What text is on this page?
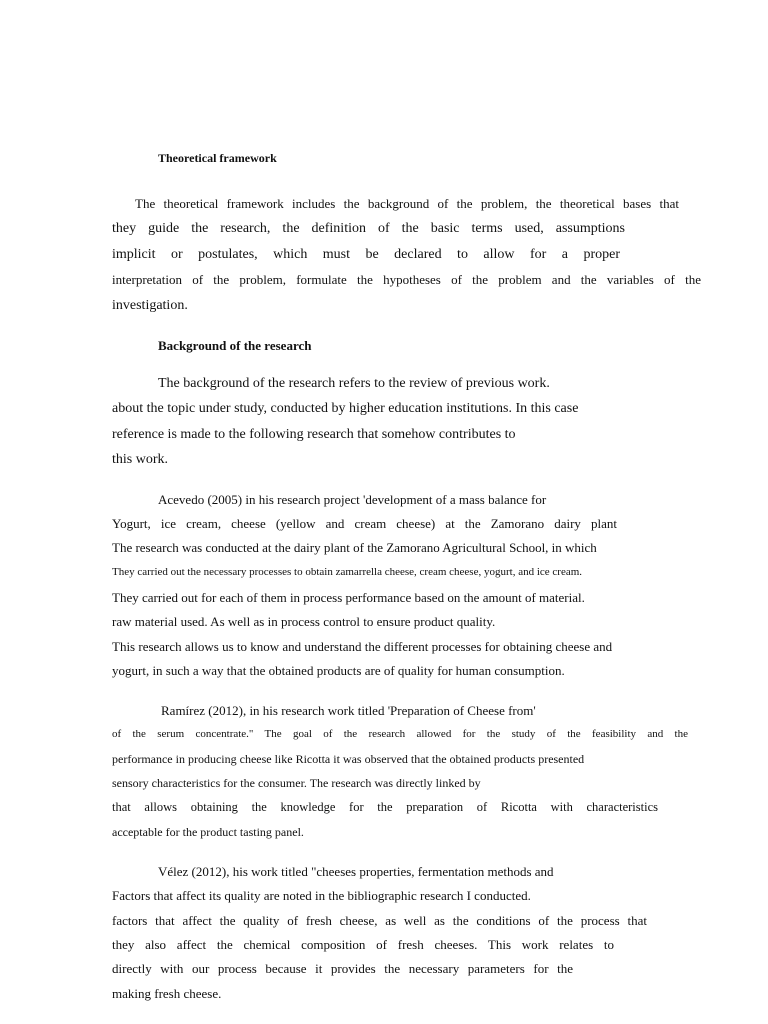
Theoretical framework
The theoretical framework includes the background of the problem, the theoretical bases that
they guide the research, the definition of the basic terms used, assumptions
implicit or postulates, which must be declared to allow for a proper
interpretation of the problem, formulate the hypotheses of the problem and the variables of the
investigation.
Background of the research
The background of the research refers to the review of previous work.
about the topic under study, conducted by higher education institutions. In this case
reference is made to the following research that somehow contributes to
this work.
Acevedo (2005) in his research project 'development of a mass balance for
Yogurt, ice cream, cheese (yellow and cream cheese) at the Zamorano dairy plant
The research was conducted at the dairy plant of the Zamorano Agricultural School, in which
They carried out the necessary processes to obtain zamarrella cheese, cream cheese, yogurt, and ice cream.
They carried out for each of them in process performance based on the amount of material.
raw material used. As well as in process control to ensure product quality.
This research allows us to know and understand the different processes for obtaining cheese and
yogurt, in such a way that the obtained products are of quality for human consumption.
Ramírez (2012), in his research work titled 'Preparation of Cheese from'
of the serum concentrate." The goal of the research allowed for the study of the feasibility and the
performance in producing cheese like Ricotta it was observed that the obtained products presented
sensory characteristics for the consumer. The research was directly linked by
that allows obtaining the knowledge for the preparation of Ricotta with characteristics
acceptable for the product tasting panel.
Vélez (2012), his work titled "cheeses properties, fermentation methods and
Factors that affect its quality are noted in the bibliographic research I conducted.
factors that affect the quality of fresh cheese, as well as the conditions of the process that
they also affect the chemical composition of fresh cheeses. This work relates to
directly with our process because it provides the necessary parameters for the
making fresh cheese.
